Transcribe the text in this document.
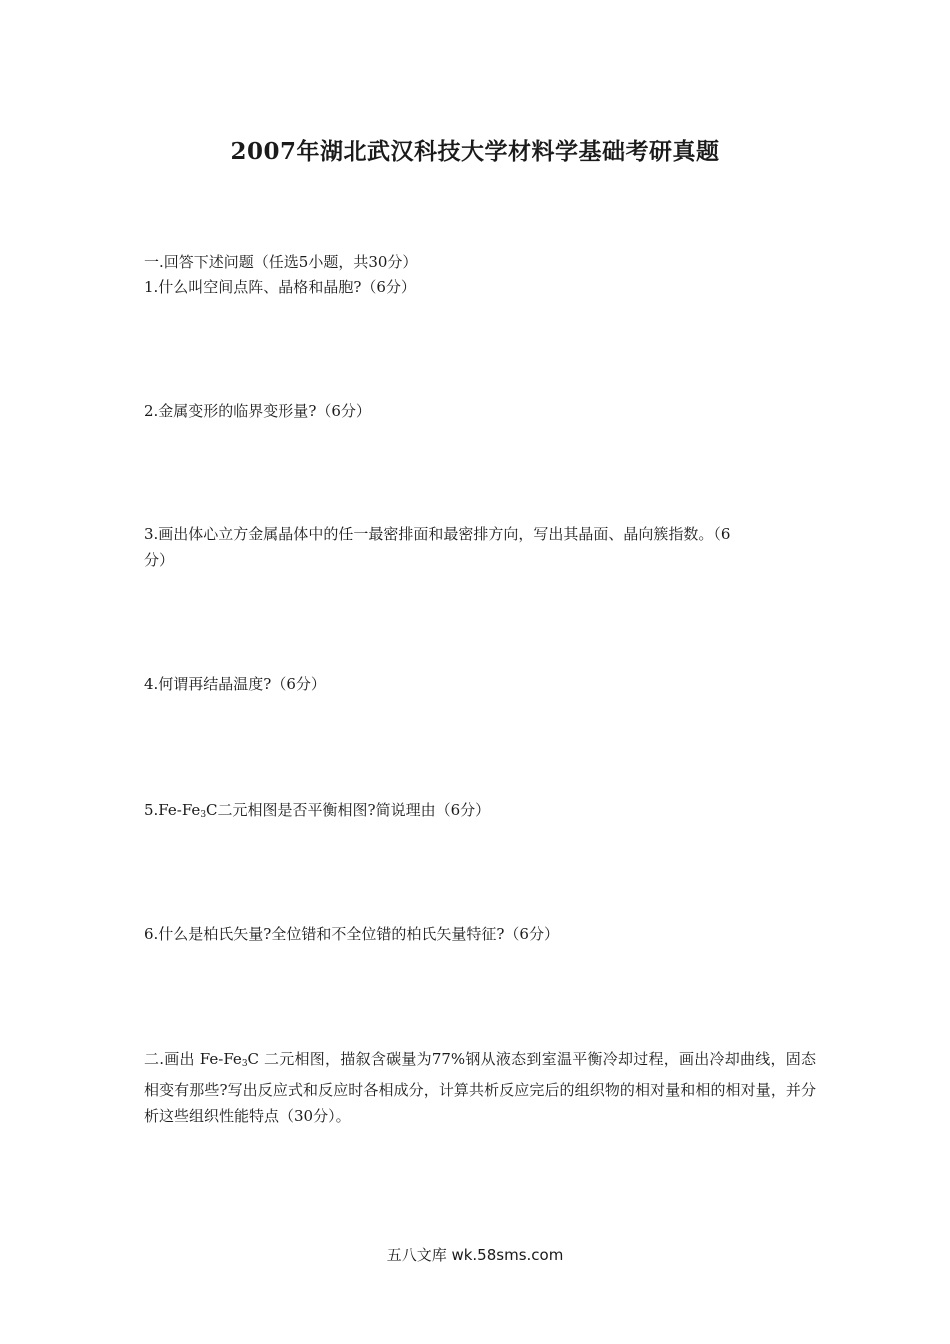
2007年湖北武汉科技大学材料学基础考研真题
一.回答下述问题（任选5小题，共30分）
1.什么叫空间点阵、晶格和晶胞?（6分）
2.金属变形的临界变形量?（6分）
3.画出体心立方金属晶体中的任一最密排面和最密排方向，写出其晶面、晶向簇指数。（6
分）
4.何谓再结晶温度?（6分）
$5.Fe-Fe_3C$二元相图是否平衡相图?简说理由（6分）
6.什么是柏氏矢量?全位错和不全位错的柏氏矢量特征?（6分）
二.画出 $Fe-Fe_3C$ 二元相图，描叙含碳量为77%钢从液态到室温平衡冷却过程，画出冷却曲线，固态相变有那些?写出反应式和反应时各相成分，计算共析反应完后的组织物的相对量和相的相对量，并分析这些组织性能特点（30分）。
五八文库 wk.58sms.com
